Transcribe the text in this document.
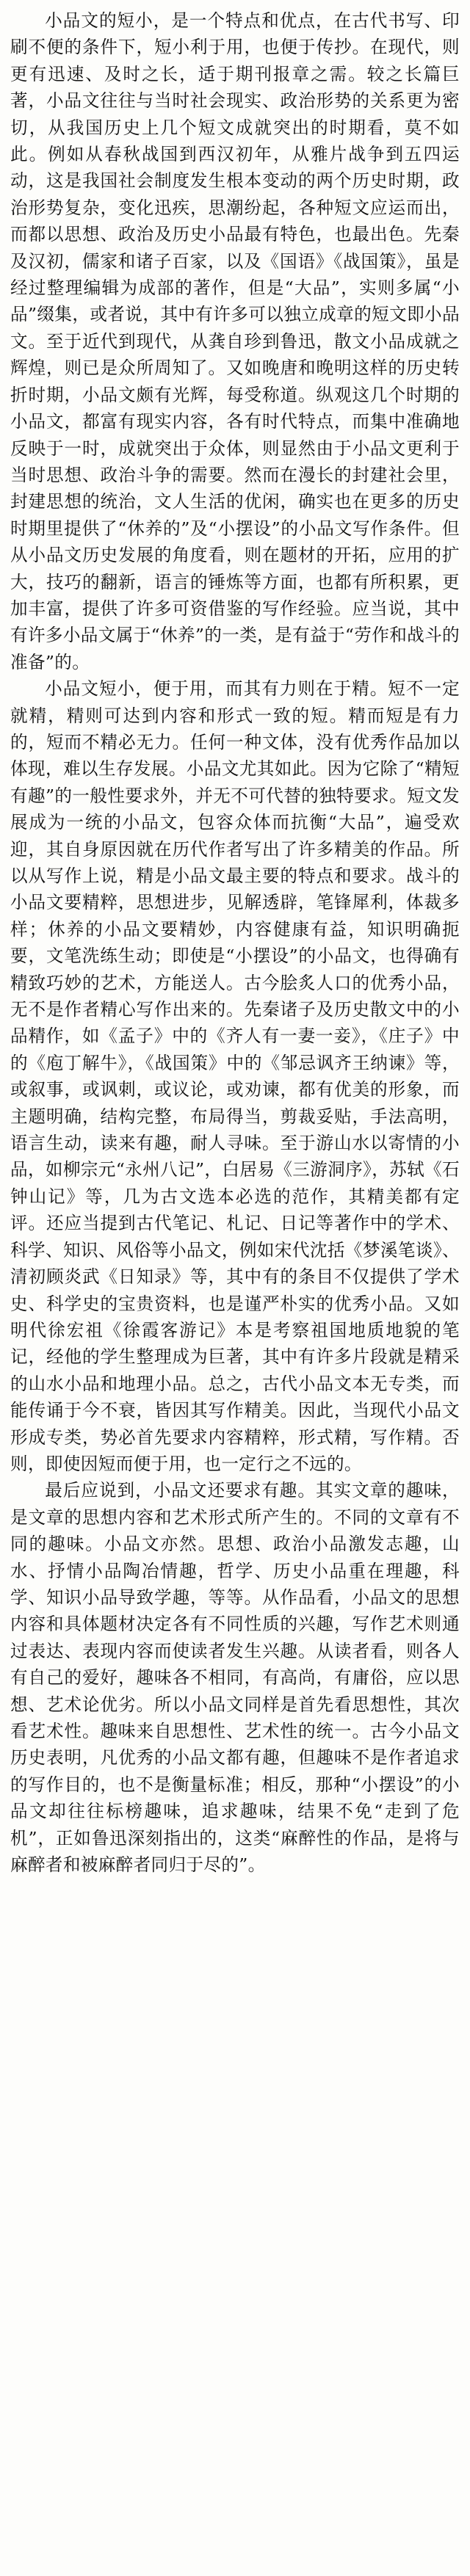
小品文的短小，是一个特点和优点，在古代书写、印刷不便的条件下，短小利于用，也便于传抄。在现代，则更有迅速、及时之长，适于期刊报章之需。较之长篇巨著，小品文往往与当时社会现实、政治形势的关系更为密切，从我国历史上几个短文成就突出的时期看，莫不如此。例如从春秋战国到西汉初年，从雅片战争到五四运动，这是我国社会制度发生根本变动的两个历史时期，政治形势复杂，变化迅疾，思潮纷起，各种短文应运而出，而都以思想、政治及历史小品最有特色，也最出色。先秦及汉初，儒家和诸子百家，以及《国语》《战国策》，虽是经过整理编辑为成部的著作，但是“大品”，实则多属“小品”缀集，或者说，其中有许多可以独立成章的短文即小品文。至于近代到现代，从龚自珍到鲁迅，散文小品成就之辉煌，则已是众所周知了。又如晚唐和晚明这样的历史转折时期，小品文颇有光辉，每受称道。纵观这几个时期的小品文，都富有现实内容，各有时代特点，而集中准确地反映于一时，成就突出于众体，则显然由于小品文更利于当时思想、政治斗争的需要。然而在漫长的封建社会里，封建思想的统治，文人生活的优闲，确实也在更多的历史时期里提供了“休养的”及“小摆设”的小品文写作条件。但从小品文历史发展的角度看，则在题材的开拓，应用的扩大，技巧的翻新，语言的锤炼等方面，也都有所积累，更加丰富，提供了许多可资借鉴的写作经验。应当说，其中有许多小品文属于“休养”的一类，是有益于“劳作和战斗的准备”的。

小品文短小，便于用，而其有力则在于精。短不一定就精，精则可达到内容和形式一致的短。精而短是有力的，短而不精必无力。任何一种文体，没有优秀作品加以体现，难以生存发展。小品文尤其如此。因为它除了“精短有趣”的一般性要求外，并无不可代替的独特要求。短文发展成为一统的小品文，包容众体而抗衡“大品”，遍受欢迎，其自身原因就在历代作者写出了许多精美的作品。所以从写作上说，精是小品文最主要的特点和要求。战斗的小品文要精粹，思想进步，见解透辟，笔锋犀利，体裁多样；休养的小品文要精妙，内容健康有益，知识明确扼要，文笔洗练生动；即使是“小摆设”的小品文，也得确有精致巧妙的艺术，方能送人。古今脍炙人口的优秀小品，无不是作者精心写作出来的。先秦诸子及历史散文中的小品精作，如《孟子》中的《齐人有一妻一妾》，《庄子》中的《庖丁解牛》，《战国策》中的《邹忌讽齐王纳谏》等，或叙事，或讽刺，或议论，或劝谏，都有优美的形象，而主题明确，结构完整，布局得当，剪裁妥贴，手法高明，语言生动，读来有趣，耐人寻味。至于游山水以寄情的小品，如柳宗元“永州八记”，白居易《三游洞序》，苏轼《石钟山记》等，几为古文选本必选的范作，其精美都有定评。还应当提到古代笔记、札记、日记等著作中的学术、科学、知识、风俗等小品文，例如宋代沈括《梦溪笔谈》、清初顾炎武《日知录》等，其中有的条目不仅提供了学术史、科学史的宝贵资料，也是谨严朴实的优秀小品。又如明代徐宏祖《徐霞客游记》本是考察祖国地质地貌的笔记，经他的学生整理成为巨著，其中有许多片段就是精采的山水小品和地理小品。总之，古代小品文本无专类，而能传诵于今不衰，皆因其写作精美。因此，当现代小品文形成专类，势必首先要求内容精粹，形式精，写作精。否则，即使因短而便于用，也一定行之不远的。

最后应说到，小品文还要求有趣。其实文章的趣味，是文章的思想内容和艺术形式所产生的。不同的文章有不同的趣味。小品文亦然。思想、政治小品激发志趣，山水、抒情小品陶冶情趣，哲学、历史小品重在理趣，科学、知识小品导致学趣，等等。从作品看，小品文的思想内容和具体题材决定各有不同性质的兴趣，写作艺术则通过表达、表现内容而使读者发生兴趣。从读者看，则各人有自己的爱好，趣味各不相同，有高尚，有庸俗，应以思想、艺术论优劣。所以小品文同样是首先看思想性，其次看艺术性。趣味来自思想性、艺术性的统一。古今小品文历史表明，凡优秀的小品文都有趣，但趣味不是作者追求的写作目的，也不是衡量标准；相反，那种“小摆设”的小品文却往往标榜趣味，追求趣味，结果不免“走到了危机”，正如鲁迅深刻指出的，这类“麻醉性的作品，是将与麻醉者和被麻醉者同归于尽的”。
